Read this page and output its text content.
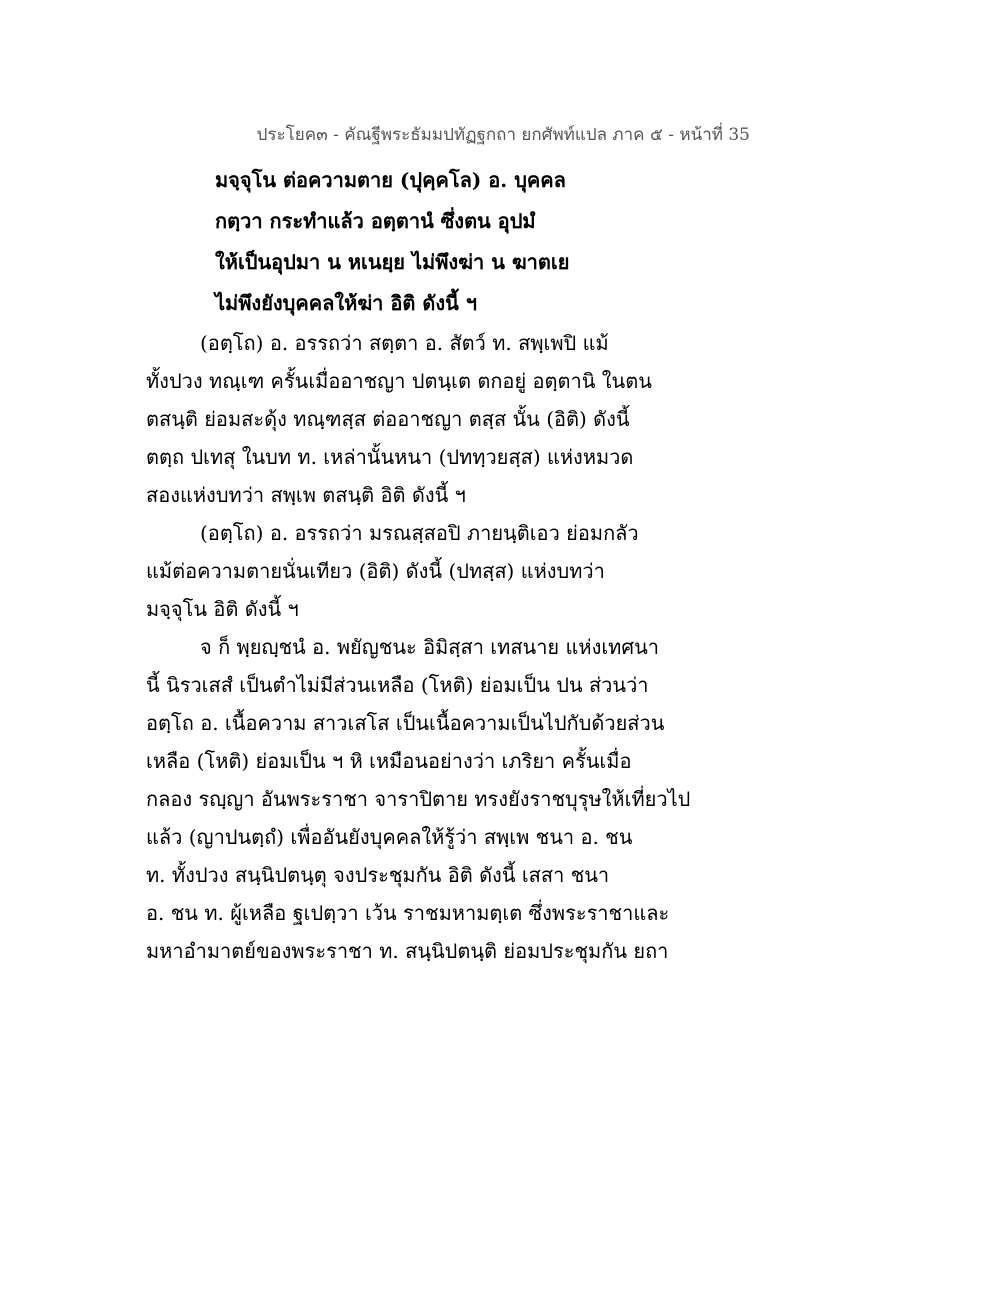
ประโยค๓ - คัณฐีพระธัมมปทัฏฐกถา ยกศัพท์แปล ภาค ๕ - หน้าที่ 35
มจฺจุโน ต่อความตาย (ปุคฺคโล) อ. บุคคล
กตฺวา กระทำแล้ว อตฺตานํ ซึ่งตน อุปมํ
ให้เป็นอุปมา น หเนยฺย ไม่พึงฆ่า น ฆาตเย
ไม่พึงยังบุคคลให้ฆ่า อิติ ดังนี้ ฯ
(อตฺโถ) อ. อรรถว่า สตฺตา อ. สัตว์ ท. สพฺเพปิ แม้
ทั้งปวง ทณฺเฑ ครั้นเมื่ออาชญา ปตนฺเต ตกอยู่ อตฺตานิ ในตน
ตสนฺติ ย่อมสะดุ้ง ทณฺฑสฺส ต่ออาชญา ตสฺส นั้น (อิติ) ดังนี้
ตตฺถ ปเทสุ ในบท ท. เหล่านั้นหนา (ปททฺวยสฺส) แห่งหมวด
สองแห่งบทว่า สพฺเพ ตสนฺติ อิติ ดังนี้ ฯ
(อตฺโถ) อ. อรรถว่า มรณสฺสอปิ ภายนฺติเอว ย่อมกลัว
แม้ต่อความตายนั่นเทียว (อิติ) ดังนี้ (ปทสฺส) แห่งบทว่า
มจฺจุโน อิติ ดังนี้ ฯ
จ ก็ พฺยญฺชนํ อ. พยัญชนะ อิมิสฺสา เทสนาย แห่งเทศนา
นี้ นิรวเสสํ เป็นตำไม่มีส่วนเหลือ (โหติ) ย่อมเป็น ปน ส่วนว่า
อตฺโถ อ. เนื้อความ สาวเสโส เป็นเนื้อความเป็นไปกับด้วยส่วน
เหลือ (โหติ) ย่อมเป็น ฯ หิ เหมือนอย่างว่า เภริยา ครั้นเมื่อ
กลอง รญฺญา อันพระราชา จาราปิตาย ทรงยังราชบุรุษให้เที่ยวไป
แล้ว (ญาปนตฺถํ) เพื่ออันยังบุคคลให้รู้ว่า สพฺเพ ชนา อ. ชน
ท. ทั้งปวง สนฺนิปตนฺตุ จงประชุมกัน อิติ ดังนี้ เสสา ชนา
อ. ชน ท. ผู้เหลือ ฐเปตฺวา เว้น ราชมหามตฺเต ซึ่งพระราชาและ
มหาอำมาตย์ของพระราชา ท. สนฺนิปตนฺติ ย่อมประชุมกัน ยถา
